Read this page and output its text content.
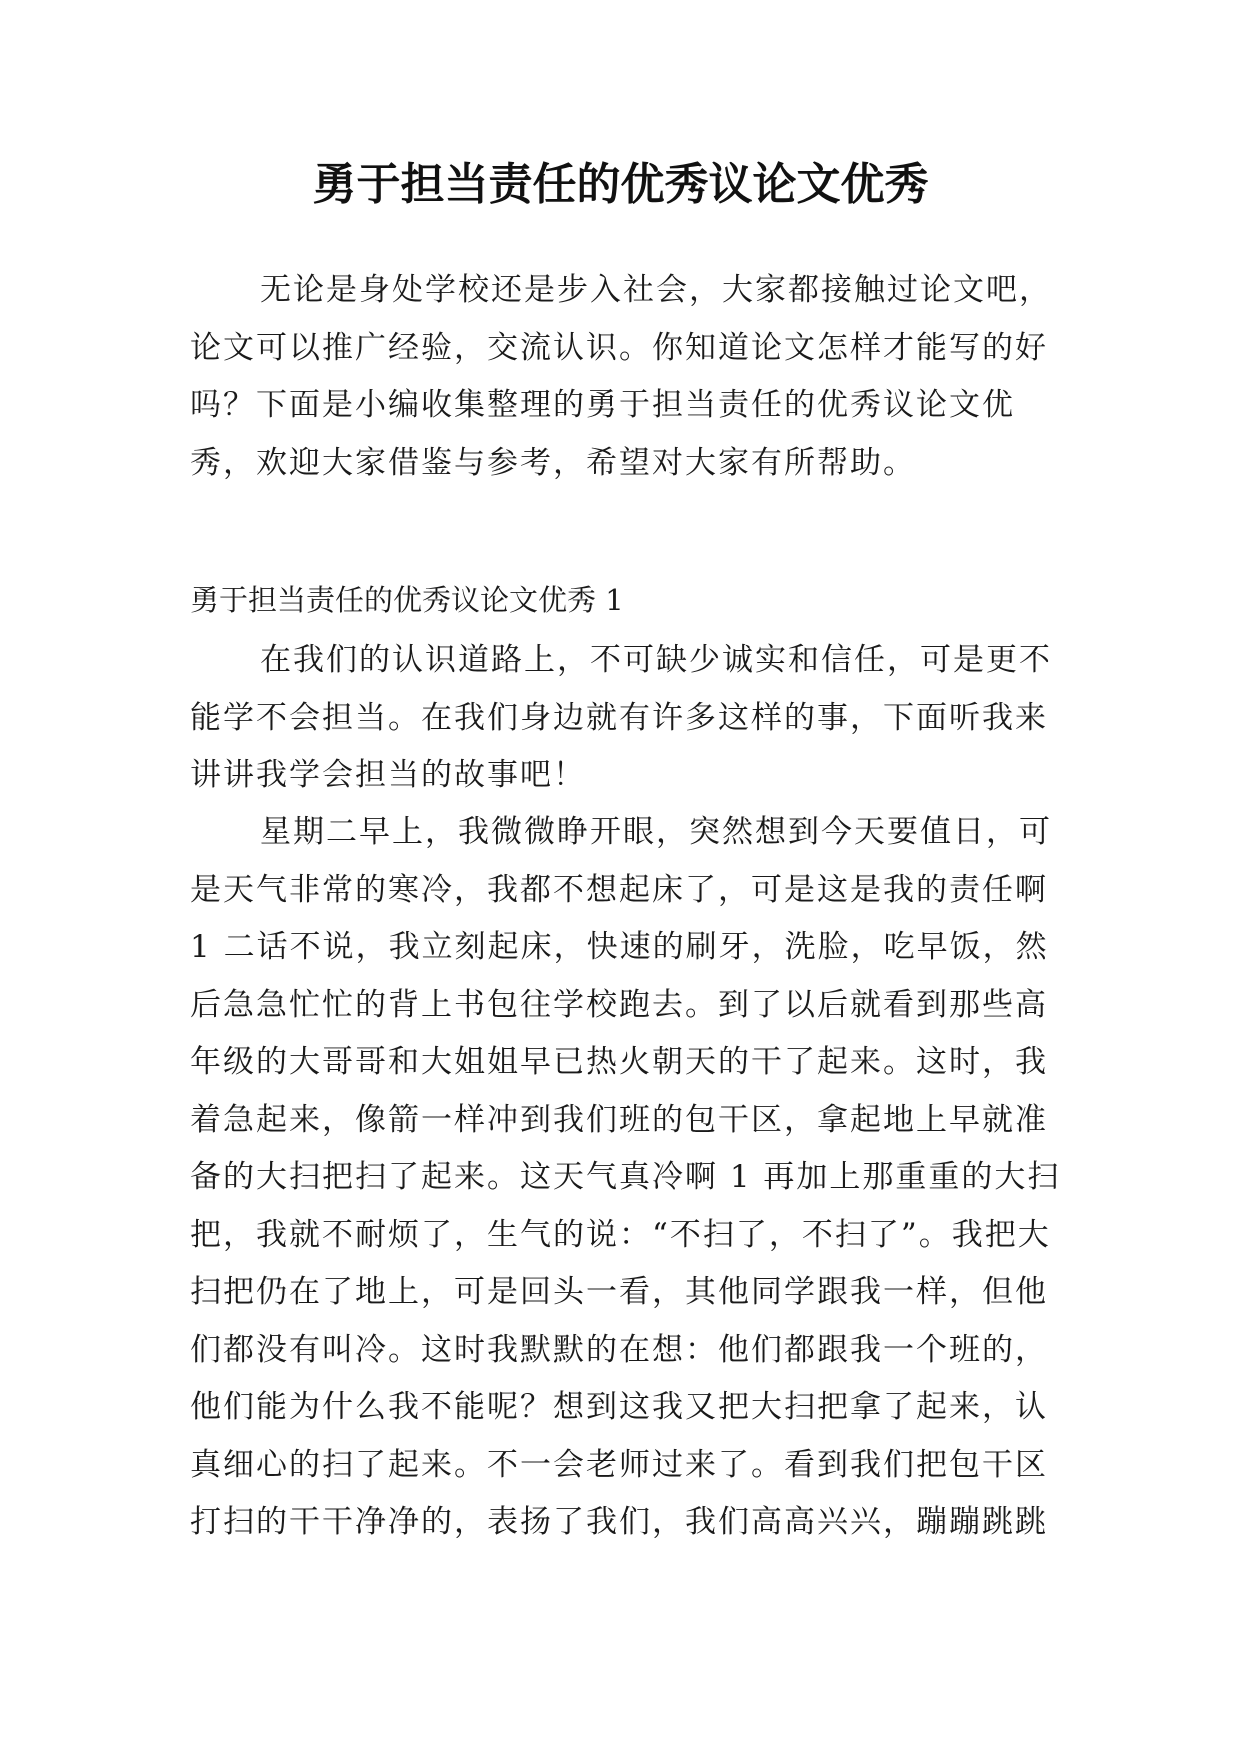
勇于担当责任的优秀议论文优秀
无论是身处学校还是步入社会，大家都接触过论文吧，
论文可以推广经验，交流认识。你知道论文怎样才能写的好
吗？下面是小编收集整理的勇于担当责任的优秀议论文优
秀，欢迎大家借鉴与参考，希望对大家有所帮助。
勇于担当责任的优秀议论文优秀 1
在我们的认识道路上，不可缺少诚实和信任，可是更不
能学不会担当。在我们身边就有许多这样的事，下面听我来
讲讲我学会担当的故事吧！
星期二早上，我微微睁开眼，突然想到今天要值日，可
是天气非常的寒冷，我都不想起床了，可是这是我的责任啊
1 二话不说，我立刻起床，快速的刷牙，洗脸，吃早饭，然
后急急忙忙的背上书包往学校跑去。到了以后就看到那些高
年级的大哥哥和大姐姐早已热火朝天的干了起来。这时，我
着急起来，像箭一样冲到我们班的包干区，拿起地上早就准
备的大扫把扫了起来。这天气真冷啊 1 再加上那重重的大扫
把，我就不耐烦了，生气的说：“不扫了，不扫了”。我把大
扫把仍在了地上，可是回头一看，其他同学跟我一样，但他
们都没有叫冷。这时我默默的在想：他们都跟我一个班的，
他们能为什么我不能呢？想到这我又把大扫把拿了起来，认
真细心的扫了起来。不一会老师过来了。看到我们把包干区
打扫的干干净净的，表扬了我们，我们高高兴兴，蹦蹦跳跳
